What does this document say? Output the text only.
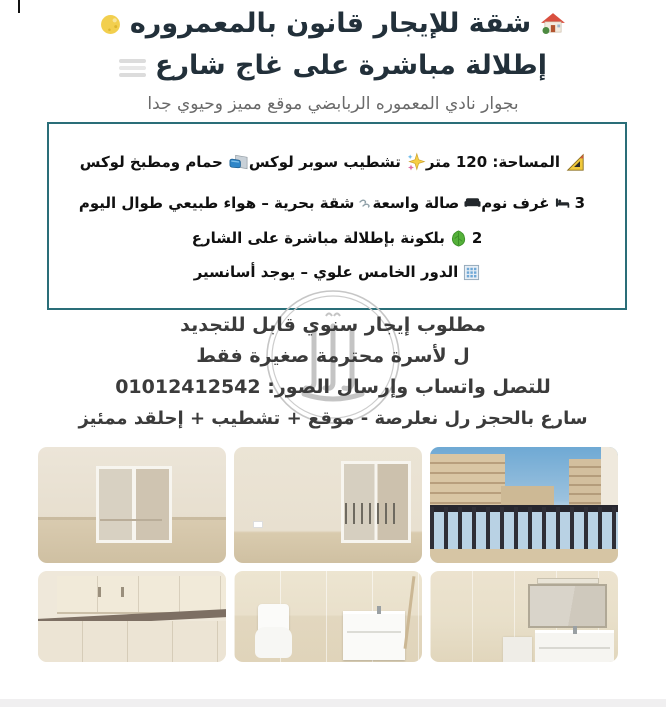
شقة للإيجار قانون بالمعمروره
إطلالة مباشرة على غاج شارع
بجوار نادي المعموره الربابضي موقع مميز وحيوي جدا
المساحة: 120 متر
تشطيب سوبر لوكس
حمام ومطبخ لوكس
3
غرف نوم
صالة واسعة
شقة بحرية – هواء طبيعي طوال اليوم
2
بلكونة بإطلالة مباشرة على الشارع
الدور الخامس علوي – يوجد أسانسير
مطلوب إيجار سنوي قابل للتجديد
ل لأسرة محترمة صغيرة فقط
للتصل واتساب وإرسال الصور: 01012412542
سارع بالحجز رل نعلرصة - موقع + تشطيب + إحلقد ممئيز
